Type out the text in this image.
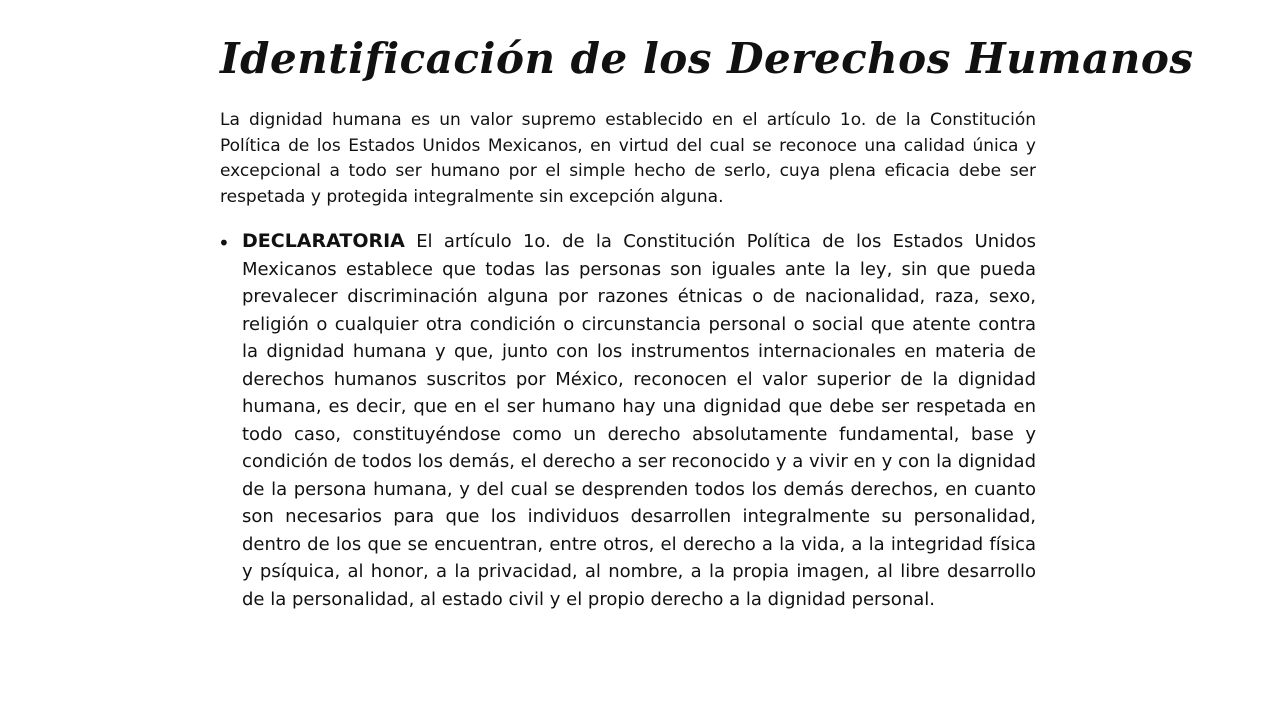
Identificación de los Derechos Humanos

La dignidad humana es un valor supremo establecido en el artículo 1o. de la Constitución Política de los Estados Unidos Mexicanos, en virtud del cual se reconoce una calidad única y excepcional a todo ser humano por el simple hecho de serlo, cuya plena eficacia debe ser respetada y protegida integralmente sin excepción alguna.

• DECLARATORIA El artículo 1o. de la Constitución Política de los Estados Unidos Mexicanos establece que todas las personas son iguales ante la ley, sin que pueda prevalecer discriminación alguna por razones étnicas o de nacionalidad, raza, sexo, religión o cualquier otra condición o circunstancia personal o social que atente contra la dignidad humana y que, junto con los instrumentos internacionales en materia de derechos humanos suscritos por México, reconocen el valor superior de la dignidad humana, es decir, que en el ser humano hay una dignidad que debe ser respetada en todo caso, constituyéndose como un derecho absolutamente fundamental, base y condición de todos los demás, el derecho a ser reconocido y a vivir en y con la dignidad de la persona humana, y del cual se desprenden todos los demás derechos, en cuanto son necesarios para que los individuos desarrollen integralmente su personalidad, dentro de los que se encuentran, entre otros, el derecho a la vida, a la integridad física y psíquica, al honor, a la privacidad, al nombre, a la propia imagen, al libre desarrollo de la personalidad, al estado civil y el propio derecho a la dignidad personal.
